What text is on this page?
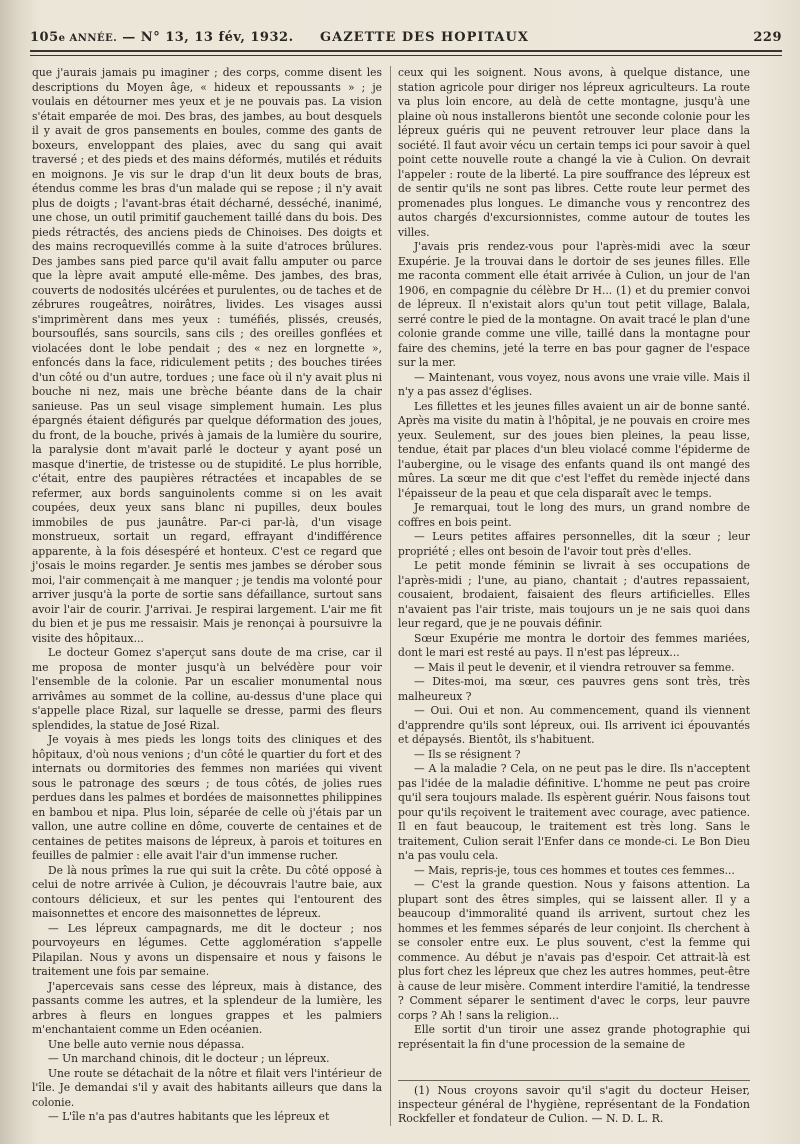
105e ANNÉE. — N° 13, 13 fév, 1932. GAZETTE DES HOPITAUX	229

que j'aurais jamais pu imaginer ; des corps, comme disent les descriptions du Moyen âge, « hideux et repoussants » ; je voulais en détourner mes yeux et je ne pouvais pas. La vision s'était emparée de moi. Des bras, des jambes, au bout desquels il y avait de gros pansements en boules, comme des gants de boxeurs, enveloppant des plaies, avec du sang qui avait traversé ; et des pieds et des mains déformés, mutilés et réduits en moignons. Je vis sur le drap d'un lit deux bouts de bras, étendus comme les bras d'un malade qui se repose ; il n'y avait plus de doigts ; l'avant-bras était décharné, desséché, inanimé, une chose, un outil primitif gauchement taillé dans du bois. Des pieds rétractés, des anciens pieds de Chinoises. Des doigts et des mains recroquevillés comme à la suite d'atroces brûlures. Des jambes sans pied parce qu'il avait fallu amputer ou parce que la lèpre avait amputé elle-même. Des jambes, des bras, couverts de nodosités ulcérées et purulentes, ou de taches et de zébrures rougeâtres, noirâtres, livides. Les visages aussi s'imprimèrent dans mes yeux : tuméfiés, plissés, creusés, boursouflés, sans sourcils, sans cils ; des oreilles gonflées et violacées dont le lobe pendait ; des « nez en lorgnette », enfoncés dans la face, ridiculement petits ; des bouches tirées d'un côté ou d'un autre, tordues ; une face où il n'y avait plus ni bouche ni nez, mais une brèche béante dans de la chair sanieuse. Pas un seul visage simplement humain. Les plus épargnés étaient défigurés par quelque déformation des joues, du front, de la bouche, privés à jamais de la lumière du sourire, la paralysie dont m'avait parlé le docteur y ayant posé un masque d'inertie, de tristesse ou de stupidité. Le plus horrible, c'était, entre des paupières rétractées et incapables de se refermer, aux bords sanguinolents comme si on les avait coupées, deux yeux sans blanc ni pupilles, deux boules immobiles de pus jaunâtre. Par-ci par-là, d'un visage monstrueux, sortait un regard, effrayant d'indifférence apparente, à la fois désespéré et honteux. C'est ce regard que j'osais le moins regarder. Je sentis mes jambes se dérober sous moi, l'air commençait à me manquer ; je tendis ma volonté pour arriver jusqu'à la porte de sortie sans défaillance, surtout sans avoir l'air de courir. J'arrivai. Je respirai largement. L'air me fit du bien et je pus me ressaisir. Mais je renonçai à poursuivre la visite des hôpitaux...

Le docteur Gomez s'aperçut sans doute de ma crise, car il me proposa de monter jusqu'à un belvédère pour voir l'ensemble de la colonie. Par un escalier monumental nous arrivâmes au sommet de la colline, au-dessus d'une place qui s'appelle place Rizal, sur laquelle se dresse, parmi des fleurs splendides, la statue de José Rizal.

Je voyais à mes pieds les longs toits des cliniques et des hôpitaux, d'où nous venions ; d'un côté le quartier du fort et des internats ou dormitories des femmes non mariées qui vivent sous le patronage des sœurs ; de tous côtés, de jolies rues perdues dans les palmes et bordées de maisonnettes philippines en bambou et nipa. Plus loin, séparée de celle où j'étais par un vallon, une autre colline en dôme, couverte de centaines et de centaines de petites maisons de lépreux, à parois et toitures en feuilles de palmier : elle avait l'air d'un immense rucher.

De là nous prîmes la rue qui suit la crête. Du côté opposé à celui de notre arrivée à Culion, je découvrais l'autre baie, aux contours délicieux, et sur les pentes qui l'entourent des maisonnettes et encore des maisonnettes de lépreux.

— Les lépreux campagnards, me dit le docteur ; nos pourvoyeurs en légumes. Cette agglomération s'appelle Pilapilan. Nous y avons un dispensaire et nous y faisons le traitement une fois par semaine.

J'apercevais sans cesse des lépreux, mais à distance, des passants comme les autres, et la splendeur de la lumière, les arbres à fleurs en longues grappes et les palmiers m'enchantaient comme un Eden océanien.

Une belle auto vernie nous dépassa.

— Un marchand chinois, dit le docteur ; un lépreux.

Une route se détachait de la nôtre et filait vers l'intérieur de l'île. Je demandai s'il y avait des habitants ailleurs que dans la colonie.

— L'île n'a pas d'autres habitants que les lépreux et

ceux qui les soignent. Nous avons, à quelque distance, une station agricole pour diriger nos lépreux agriculteurs. La route va plus loin encore, au delà de cette montagne, jusqu'à une plaine où nous installerons bientôt une seconde colonie pour les lépreux guéris qui ne peuvent retrouver leur place dans la société. Il faut avoir vécu un certain temps ici pour savoir à quel point cette nouvelle route a changé la vie à Culion. On devrait l'appeler : route de la liberté. La pire souffrance des lépreux est de sentir qu'ils ne sont pas libres. Cette route leur permet des promenades plus longues. Le dimanche vous y rencontrez des autos chargés d'excursionnistes, comme autour de toutes les villes.

J'avais pris rendez-vous pour l'après-midi avec la sœur Exupérie. Je la trouvai dans le dortoir de ses jeunes filles. Elle me raconta comment elle était arrivée à Culion, un jour de l'an 1906, en compagnie du célèbre Dr H... (1) et du premier convoi de lépreux. Il n'existait alors qu'un tout petit village, Balala, serré contre le pied de la montagne. On avait tracé le plan d'une colonie grande comme une ville, taillé dans la montagne pour faire des chemins, jeté la terre en bas pour gagner de l'espace sur la mer.

— Maintenant, vous voyez, nous avons une vraie ville. Mais il n'y a pas assez d'églises.

Les fillettes et les jeunes filles avaient un air de bonne santé. Après ma visite du matin à l'hôpital, je ne pouvais en croire mes yeux. Seulement, sur des joues bien pleines, la peau lisse, tendue, était par places d'un bleu violacé comme l'épiderme de l'aubergine, ou le visage des enfants quand ils ont mangé des mûres. La sœur me dit que c'est l'effet du remède injecté dans l'épaisseur de la peau et que cela disparaît avec le temps.

Je remarquai, tout le long des murs, un grand nombre de coffres en bois peint.

— Leurs petites affaires personnelles, dit la sœur ; leur propriété ; elles ont besoin de l'avoir tout près d'elles.

Le petit monde féminin se livrait à ses occupations de l'après-midi ; l'une, au piano, chantait ; d'autres repassaient, cousaient, brodaient, faisaient des fleurs artificielles. Elles n'avaient pas l'air triste, mais toujours un je ne sais quoi dans leur regard, que je ne pouvais définir.

Sœur Exupérie me montra le dortoir des femmes mariées, dont le mari est resté au pays. Il n'est pas lépreux...

— Mais il peut le devenir, et il viendra retrouver sa femme.

— Dites-moi, ma sœur, ces pauvres gens sont très, très malheureux ?

— Oui. Oui et non. Au commencement, quand ils viennent d'apprendre qu'ils sont lépreux, oui. Ils arrivent ici épouvantés et dépaysés. Bientôt, ils s'habituent.

— Ils se résignent ?

— A la maladie ? Cela, on ne peut pas le dire. Ils n'acceptent pas l'idée de la maladie définitive. L'homme ne peut pas croire qu'il sera toujours malade. Ils espèrent guérir. Nous faisons tout pour qu'ils reçoivent le traitement avec courage, avec patience. Il en faut beaucoup, le traitement est très long. Sans le traitement, Culion serait l'Enfer dans ce monde-ci. Le Bon Dieu n'a pas voulu cela.

— Mais, repris-je, tous ces hommes et toutes ces femmes...

— C'est la grande question. Nous y faisons attention. La plupart sont des êtres simples, qui se laissent aller. Il y a beaucoup d'immoralité quand ils arrivent, surtout chez les hommes et les femmes séparés de leur conjoint. Ils cherchent à se consoler entre eux. Le plus souvent, c'est la femme qui commence. Au début je n'avais pas d'espoir. Cet attrait-là est plus fort chez les lépreux que chez les autres hommes, peut-être à cause de leur misère. Comment interdire l'amitié, la tendresse ? Comment séparer le sentiment d'avec le corps, leur pauvre corps ? Ah ! sans la religion...

Elle sortit d'un tiroir une assez grande photographie qui représentait la fin d'une procession de la semaine de

(1) Nous croyons savoir qu'il s'agit du docteur Heiser, inspecteur général de l'hygiène, représentant de la Fondation Rockfeller et fondateur de Culion. — N. D. L. R.
